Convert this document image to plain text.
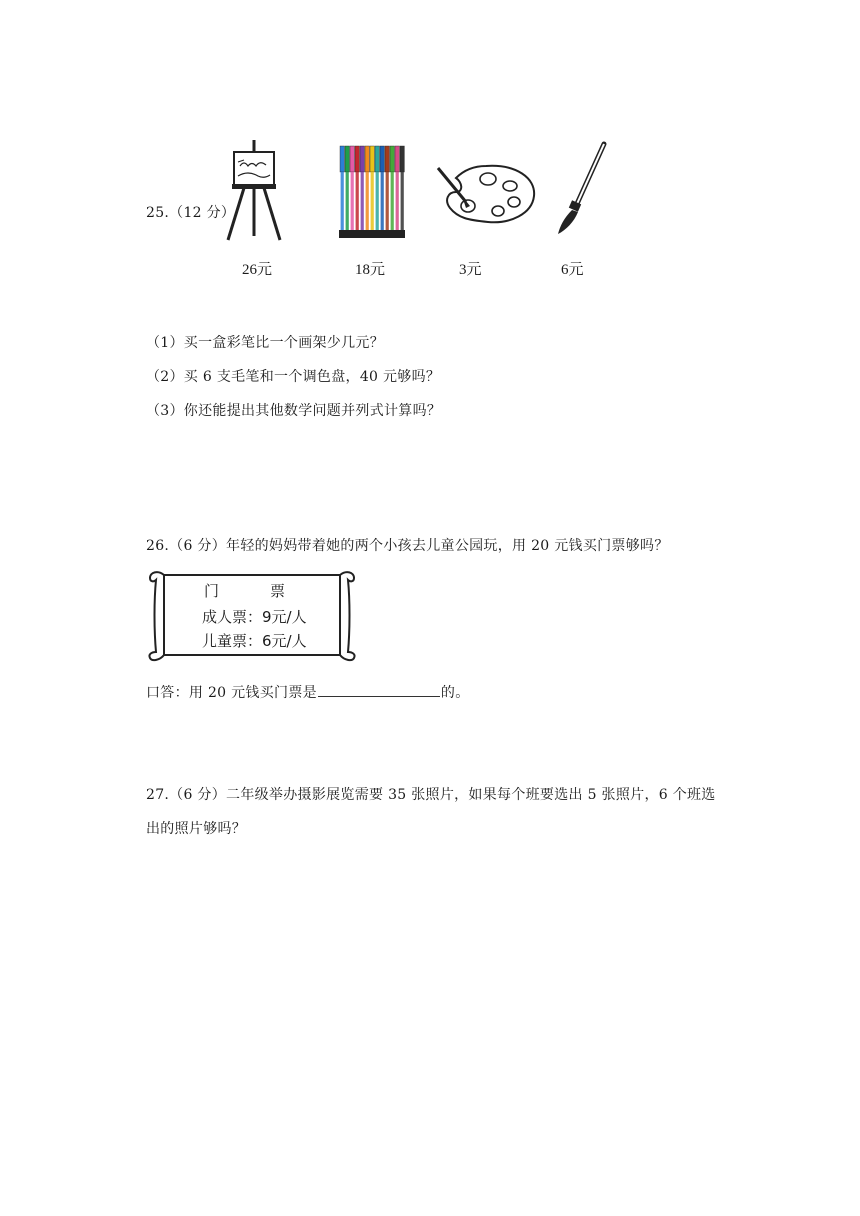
25.（12 分）
26元	18元	3元	6元
（1）买一盒彩笔比一个画架少几元？
（2）买 6 支毛笔和一个调色盘，40 元够吗？
（3）你还能提出其他数学问题并列式计算吗？
26.（6 分）年轻的妈妈带着她的两个小孩去儿童公园玩，用 20 元钱买门票够吗？
门	票
成人票：9元/人
儿童票：6元/人
口答：用 20 元钱买门票是	的。
27.（6 分）二年级举办摄影展览需要 35 张照片，如果每个班要选出 5 张照片，6 个班选
出的照片够吗？
